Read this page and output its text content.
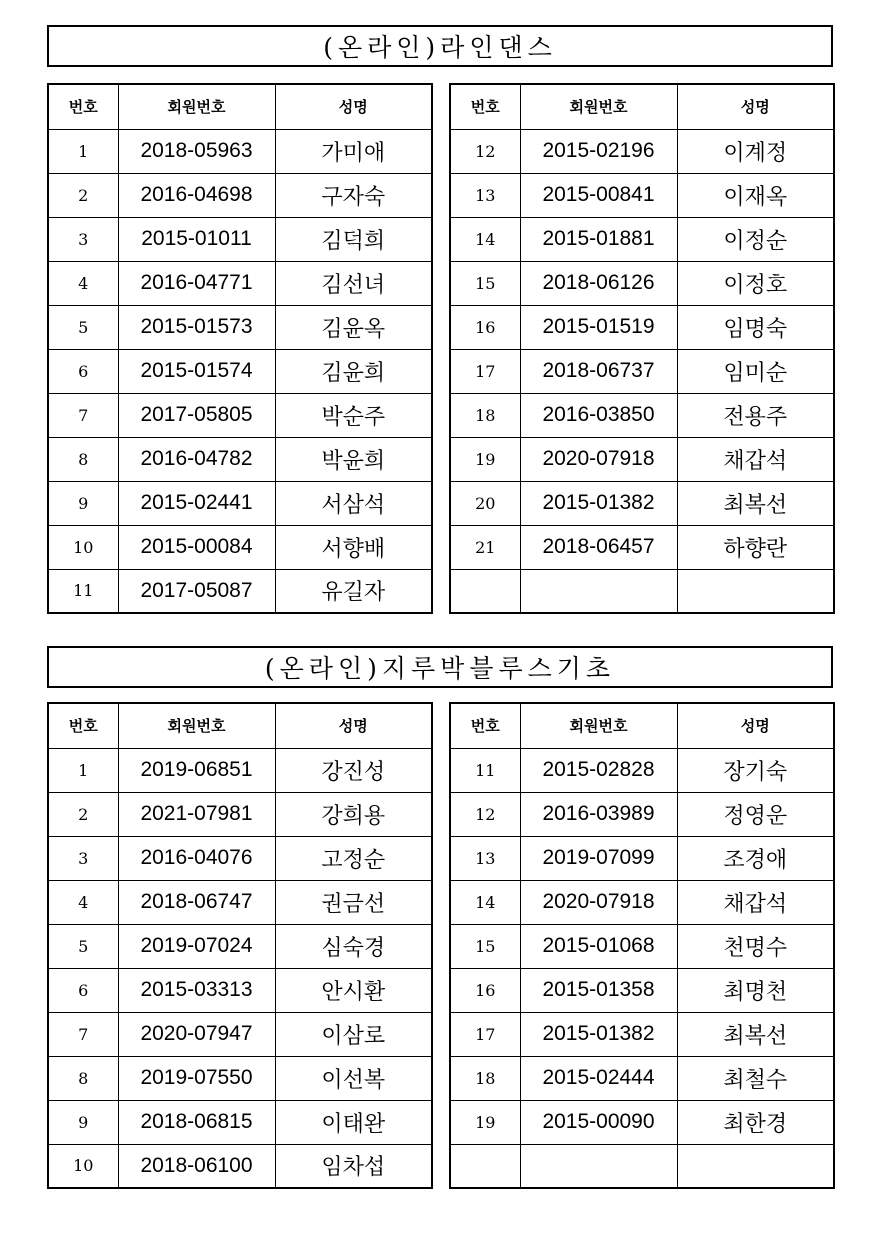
(온라인)라인댄스
번호	회원번호	성명
1	2018-05963	가미애
2	2016-04698	구자숙
3	2015-01011	김덕희
4	2016-04771	김선녀
5	2015-01573	김윤옥
6	2015-01574	김윤희
7	2017-05805	박순주
8	2016-04782	박윤희
9	2015-02441	서삼석
10	2015-00084	서향배
11	2017-05087	유길자
번호	회원번호	성명
12	2015-02196	이계정
13	2015-00841	이재옥
14	2015-01881	이정순
15	2018-06126	이정호
16	2015-01519	임명숙
17	2018-06737	임미순
18	2016-03850	전용주
19	2020-07918	채갑석
20	2015-01382	최복선
21	2018-06457	하향란

(온라인)지루박블루스기초
번호	회원번호	성명
1	2019-06851	강진성
2	2021-07981	강희용
3	2016-04076	고정순
4	2018-06747	권금선
5	2019-07024	심숙경
6	2015-03313	안시환
7	2020-07947	이삼로
8	2019-07550	이선복
9	2018-06815	이태완
10	2018-06100	임차섭
번호	회원번호	성명
11	2015-02828	장기숙
12	2016-03989	정영운
13	2019-07099	조경애
14	2020-07918	채갑석
15	2015-01068	천명수
16	2015-01358	최명천
17	2015-01382	최복선
18	2015-02444	최철수
19	2015-00090	최한경
